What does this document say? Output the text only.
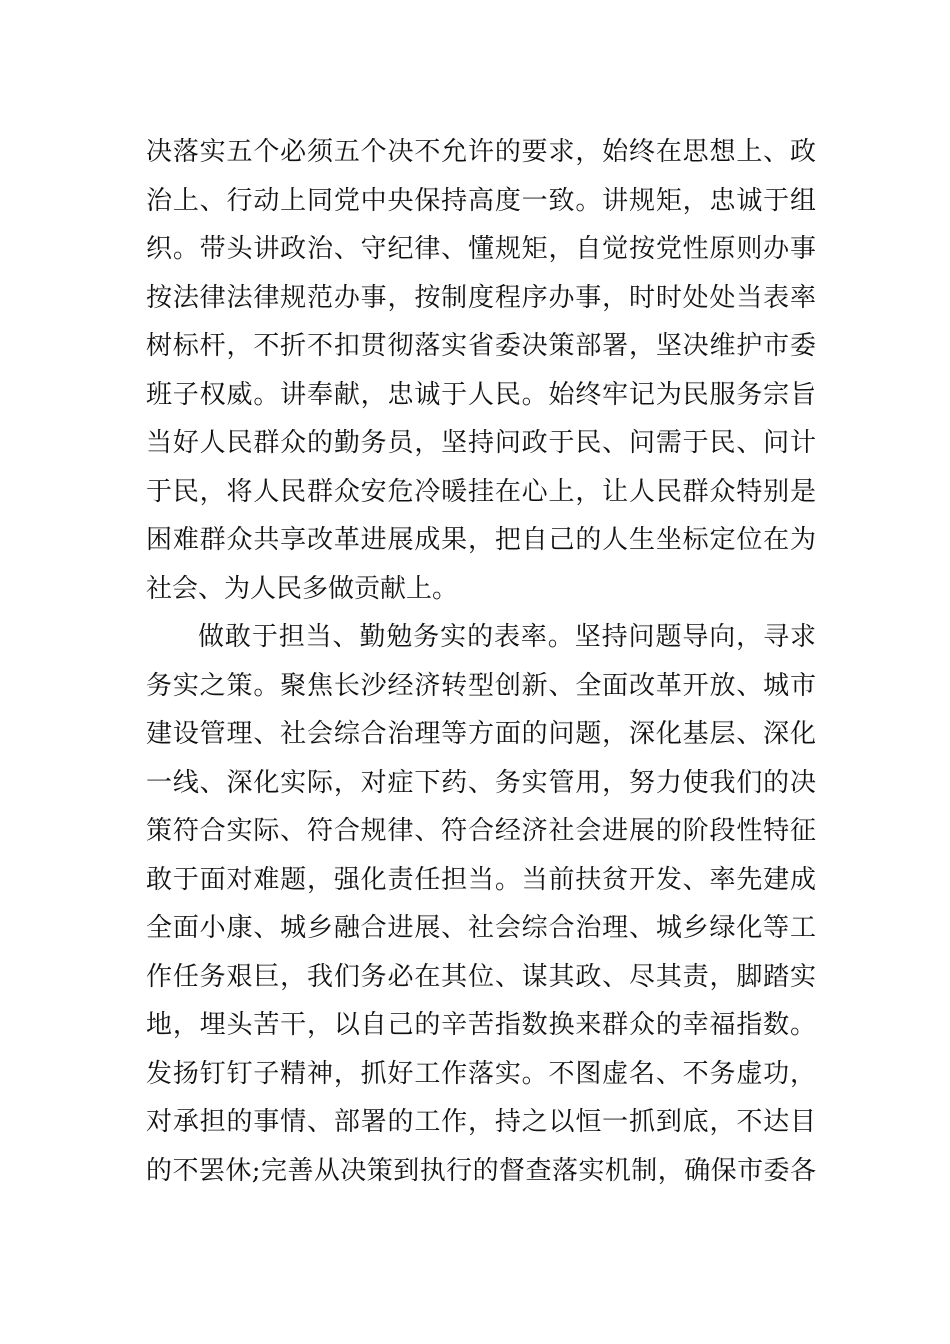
决落实五个必须五个决不允许的要求，始终在思想上、政
治上、行动上同党中央保持高度一致。讲规矩，忠诚于组
织。带头讲政治、守纪律、懂规矩，自觉按党性原则办事
按法律法律规范办事，按制度程序办事，时时处处当表率
树标杆，不折不扣贯彻落实省委决策部署，坚决维护市委
班子权威。讲奉献，忠诚于人民。始终牢记为民服务宗旨
当好人民群众的勤务员，坚持问政于民、问需于民、问计
于民，将人民群众安危冷暖挂在心上，让人民群众特别是
困难群众共享改革进展成果，把自己的人生坐标定位在为
社会、为人民多做贡献上。
做敢于担当、勤勉务实的表率。坚持问题导向，寻求
务实之策。聚焦长沙经济转型创新、全面改革开放、城市
建设管理、社会综合治理等方面的问题，深化基层、深化
一线、深化实际，对症下药、务实管用，努力使我们的决
策符合实际、符合规律、符合经济社会进展的阶段性特征
敢于面对难题，强化责任担当。当前扶贫开发、率先建成
全面小康、城乡融合进展、社会综合治理、城乡绿化等工
作任务艰巨，我们务必在其位、谋其政、尽其责，脚踏实
地，埋头苦干，以自己的辛苦指数换来群众的幸福指数。
发扬钉钉子精神，抓好工作落实。不图虚名、不务虚功，
对承担的事情、部署的工作，持之以恒一抓到底，不达目
的不罢休;完善从决策到执行的督查落实机制，确保市委各
